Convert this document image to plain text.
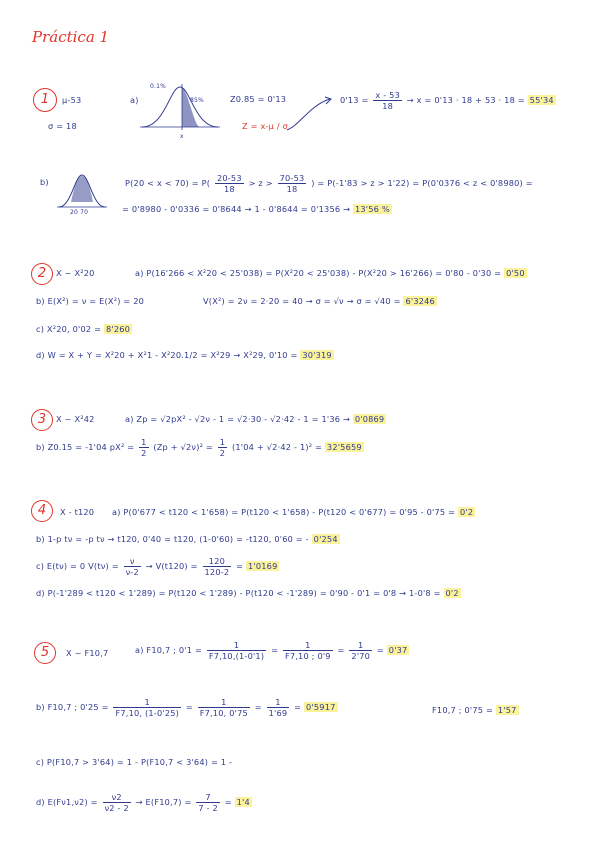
Práctica 1
1	μ-53
σ = 18
a)
0.1%
85%
x
Z0.85 = 0'13
Z = x-μ / σ
$0'13 = \frac{x - 53}{18} \to x = 0'13 \cdot 18 + 53 \cdot 18 = 55'34$
b)
20 70
$P(20 < x < 70) = P( \frac{20-53}{18} > z > \frac{70-53}{18}$ ) = P(-1'83 > z > 1'22) = P(0'0376 < z < 0'8980) =
= 0'8980 - 0'0336 = 0'8644 → 1 - 0'8644 = 0'1356 → 13'56 %
2	X ~ X²20	a) P(16'266 < X²20 < 25'038) = P(X²20 < 25'038) - P(X²20 > 16'266) = 0'80 - 0'30 = 0'50
b) E(X²) = ν = E(X²) = 20	V(X²) = 2ν = 2·20 = 40 → σ = √ν → σ = √40 = 6'3246
c) X²20, 0'02 = 8'260
d) W = X + Y = X²20 + X²1 - X²20.1/2 = X²29 → X²29, 0'10 = 30'319
3	X ~ X²42	a) Zp = √2pX² - √2ν - 1 = √2·30 - √2·42 - 1 = 1'36 → 0'0869
b) Z0.15 = -1'04 $pX^2 = \frac{1}{2} (Zp + √2\nu)^2 = \frac{1}{2} (1'04 + √2\cdot 42 - 1)^2 = 32'5659$
4	X - t120 a) P(0'677 < t120 < 1'658) = P(t120 < 1'658) - P(t120 < 0'677) = 0'95 - 0'75 = 0'2
b) 1-p tν = -p tν → t120, 0'40 = t120, (1-0'60) = -t120, 0'60 = - 0'254
c) E(tν) = 0 $V(t\nu) = \frac{\nu}{\nu-2} \to V(t120) = \frac{120}{120-2} = 1'0169$
d) P(-1'289 < t120 < 1'289) = P(t120 < 1'289) - P(t120 < -1'289) = 0'90 - 0'1 = 0'8 → 1-0'8 = 0'2
5	X ~ F10,7	a) F10,7 ; $0'1 = \frac{1}{F7,10,(1-0'1)} = \frac{1}{F7,10 ; 0'9} = \frac{1}{2'70} = 0'37$
b) F10,7 ; $0'25 = \frac{1}{F7,10, (1-0'25)} = \frac{1}{F7,10, 0'75} = \frac{1}{1'69} = 0'5917$	F10,7 ; 0'75 = 1'57
c) P(F10,7 > 3'64) = 1 - P(F10,7 < 3'64) = 1 -
d) $E(F\nu 1,\nu 2) = \frac{\nu 2}{\nu 2 - 2} \to E(F10,7) = \frac{7}{7 - 2} = 1'4$
